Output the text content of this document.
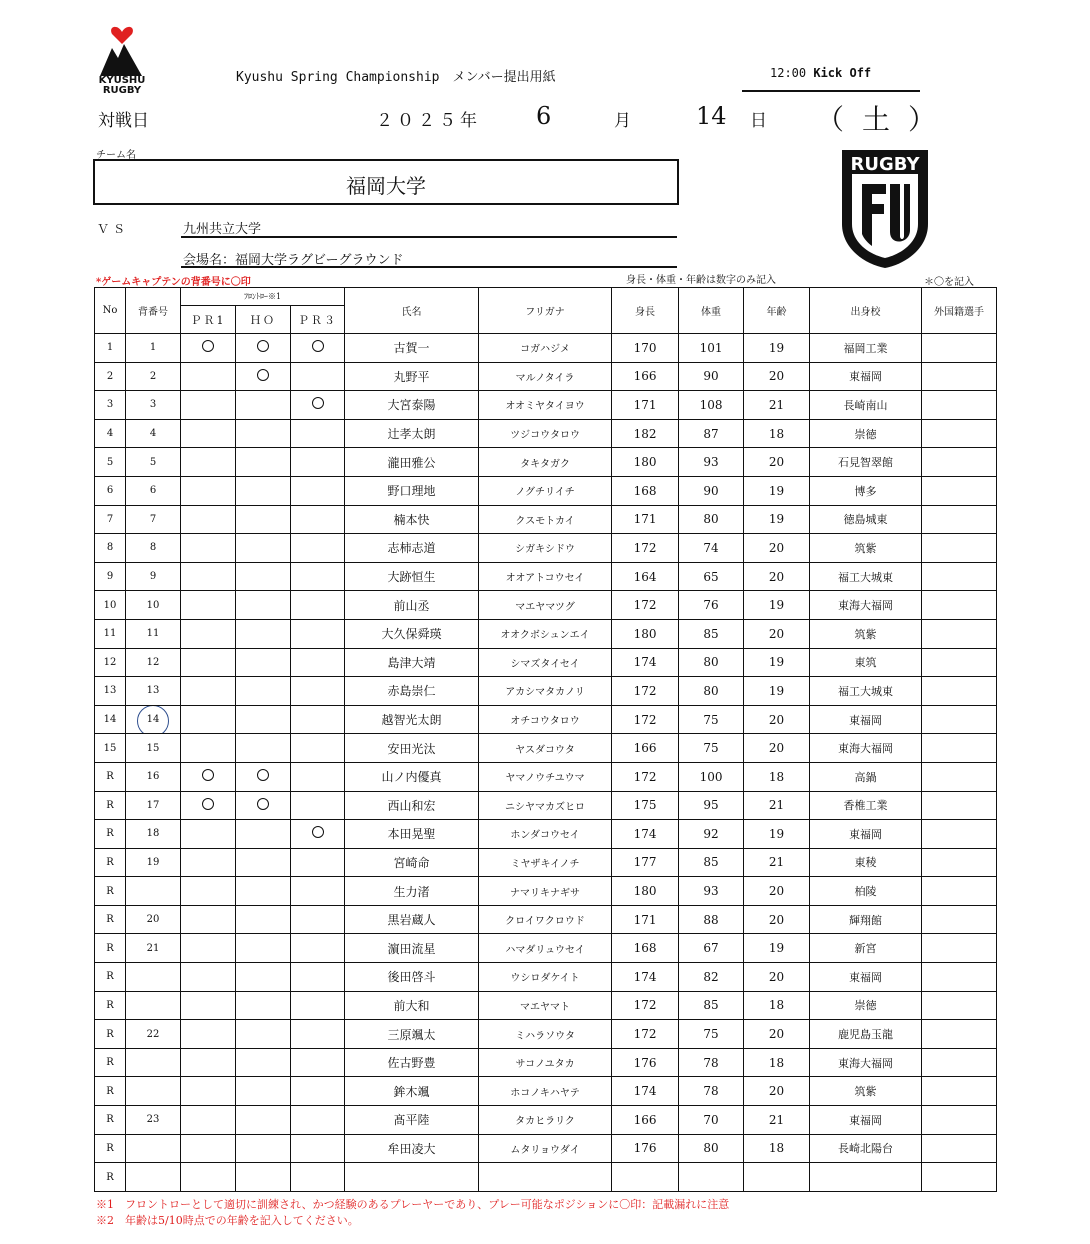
KYUSHU
RUGBY
Kyushu Spring Championship　メンバー提出用紙	12:00 Kick Off
対戦日	２０２５年 6	月	14 日 （土）
チーム名
福岡大学
RUGBY
ＶＳ	九州共立大学
会場名：福岡大学ラグビーグラウンド
*ゲームキャプテンの背番号に〇印	身長・体重・年齢は数字のみ記入	＊〇を記入
No	背番号	ﾌﾛﾝﾄﾛｰ※1			氏名	フリガナ	身長	体重	年齢	出身校	外国籍選手
		ＰＲ1	ＨＯ	ＰＲ３							
1	1				古賀一	コガハジメ	170	101	19	福岡工業	
2	2				丸野平	マルノタイラ	166	90	20	東福岡	
3	3				大宮泰陽	オオミヤタイヨウ	171	108	21	長崎南山	
4	4				辻孝太朗	ツジコウタロウ	182	87	18	崇徳	
5	5				瀧田雅公	タキタガク	180	93	20	石見智翠館	
6	6				野口理地	ノグチリイチ	168	90	19	博多	
7	7				楠本快	クスモトカイ	171	80	19	徳島城東	
8	8				志柿志道	シガキシドウ	172	74	20	筑紫	
9	9				大跡恒生	オオアトコウセイ	164	65	20	福工大城東	
10	10				前山丞	マエヤマツグ	172	76	19	東海大福岡	
11	11				大久保舜瑛	オオクボシュンエイ	180	85	20	筑紫	
12	12				島津大靖	シマズタイセイ	174	80	19	東筑	
13	13				赤島崇仁	アカシマタカノリ	172	80	19	福工大城東	
14	14				越智光太朗	オチコウタロウ	172	75	20	東福岡	
15	15				安田光汰	ヤスダコウタ	166	75	20	東海大福岡	
R	16				山ノ内優真	ヤマノウチユウマ	172	100	18	高鍋	
R	17				西山和宏	ニシヤマカズヒロ	175	95	21	香椎工業	
R	18				本田晃聖	ホンダコウセイ	174	92	19	東福岡	
R	19				宮崎命	ミヤザキイノチ	177	85	21	東稜	
R					生力渚	ナマリキナギサ	180	93	20	柏陵	
R	20				黒岩蔵人	クロイワクロウド	171	88	20	輝翔館	
R	21				濵田流星	ハマダリュウセイ	168	67	19	新宮	
R					後田啓斗	ウシロダケイト	174	82	20	東福岡	
R					前大和	マエヤマト	172	85	18	崇徳	
R	22				三原颯太	ミハラソウタ	172	75	20	鹿児島玉龍	
R					佐古野豊	サコノユタカ	176	78	18	東海大福岡	
R					鉾木颯	ホコノキハヤテ	174	78	20	筑紫	
R	23				髙平陸	タカヒラリク	166	70	21	東福岡	
R					牟田凌大	ムタリョウダイ	176	80	18	長崎北陽台	
R											
※1　フロントローとして適切に訓練され、かつ経験のあるプレーヤーであり、プレー可能なポジションに〇印：記載漏れに注意
※2　年齢は5/10時点での年齢を記入してください。
